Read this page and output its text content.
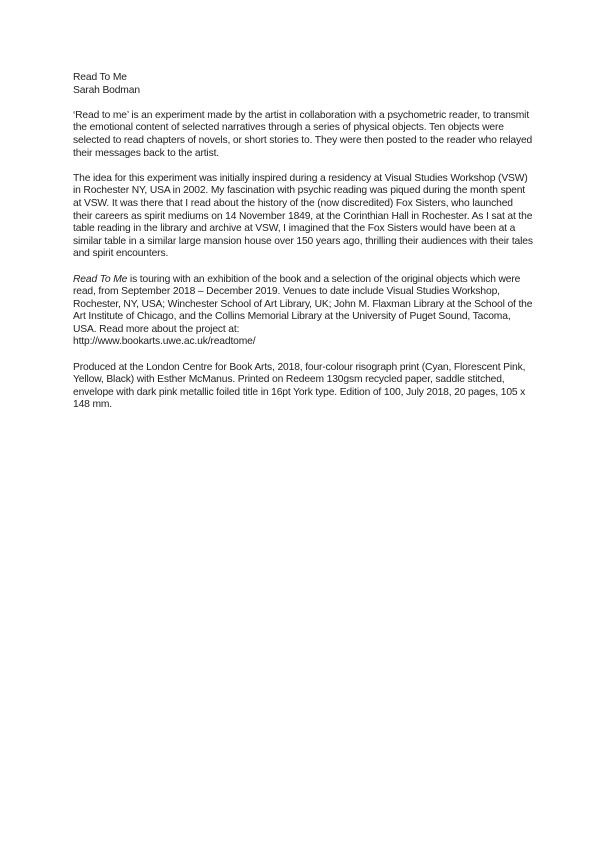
Read To Me
Sarah Bodman

‘Read to me’ is an experiment made by the artist in collaboration with a psychometric reader, to transmit the emotional content of selected narratives through a series of physical objects. Ten objects were selected to read chapters of novels, or short stories to. They were then posted to the reader who relayed their messages back to the artist.

The idea for this experiment was initially inspired during a residency at Visual Studies Workshop (VSW) in Rochester NY, USA in 2002. My fascination with psychic reading was piqued during the month spent at VSW. It was there that I read about the history of the (now discredited) Fox Sisters, who launched their careers as spirit mediums on 14 November 1849, at the Corinthian Hall in Rochester. As I sat at the table reading in the library and archive at VSW, I imagined that the Fox Sisters would have been at a similar table in a similar large mansion house over 150 years ago, thrilling their audiences with their tales and spirit encounters.

Read To Me is touring with an exhibition of the book and a selection of the original objects which were read, from September 2018 – December 2019. Venues to date include Visual Studies Workshop, Rochester, NY, USA; Winchester School of Art Library, UK; John M. Flaxman Library at the School of the Art Institute of Chicago, and the Collins Memorial Library at the University of Puget Sound, Tacoma, USA. Read more about the project at:
http://www.bookarts.uwe.ac.uk/readtome/

Produced at the London Centre for Book Arts, 2018, four-colour risograph print (Cyan, Florescent Pink, Yellow, Black) with Esther McManus. Printed on Redeem 130gsm recycled paper, saddle stitched, envelope with dark pink metallic foiled title in 16pt York type. Edition of 100, July 2018, 20 pages, 105 x 148 mm.
